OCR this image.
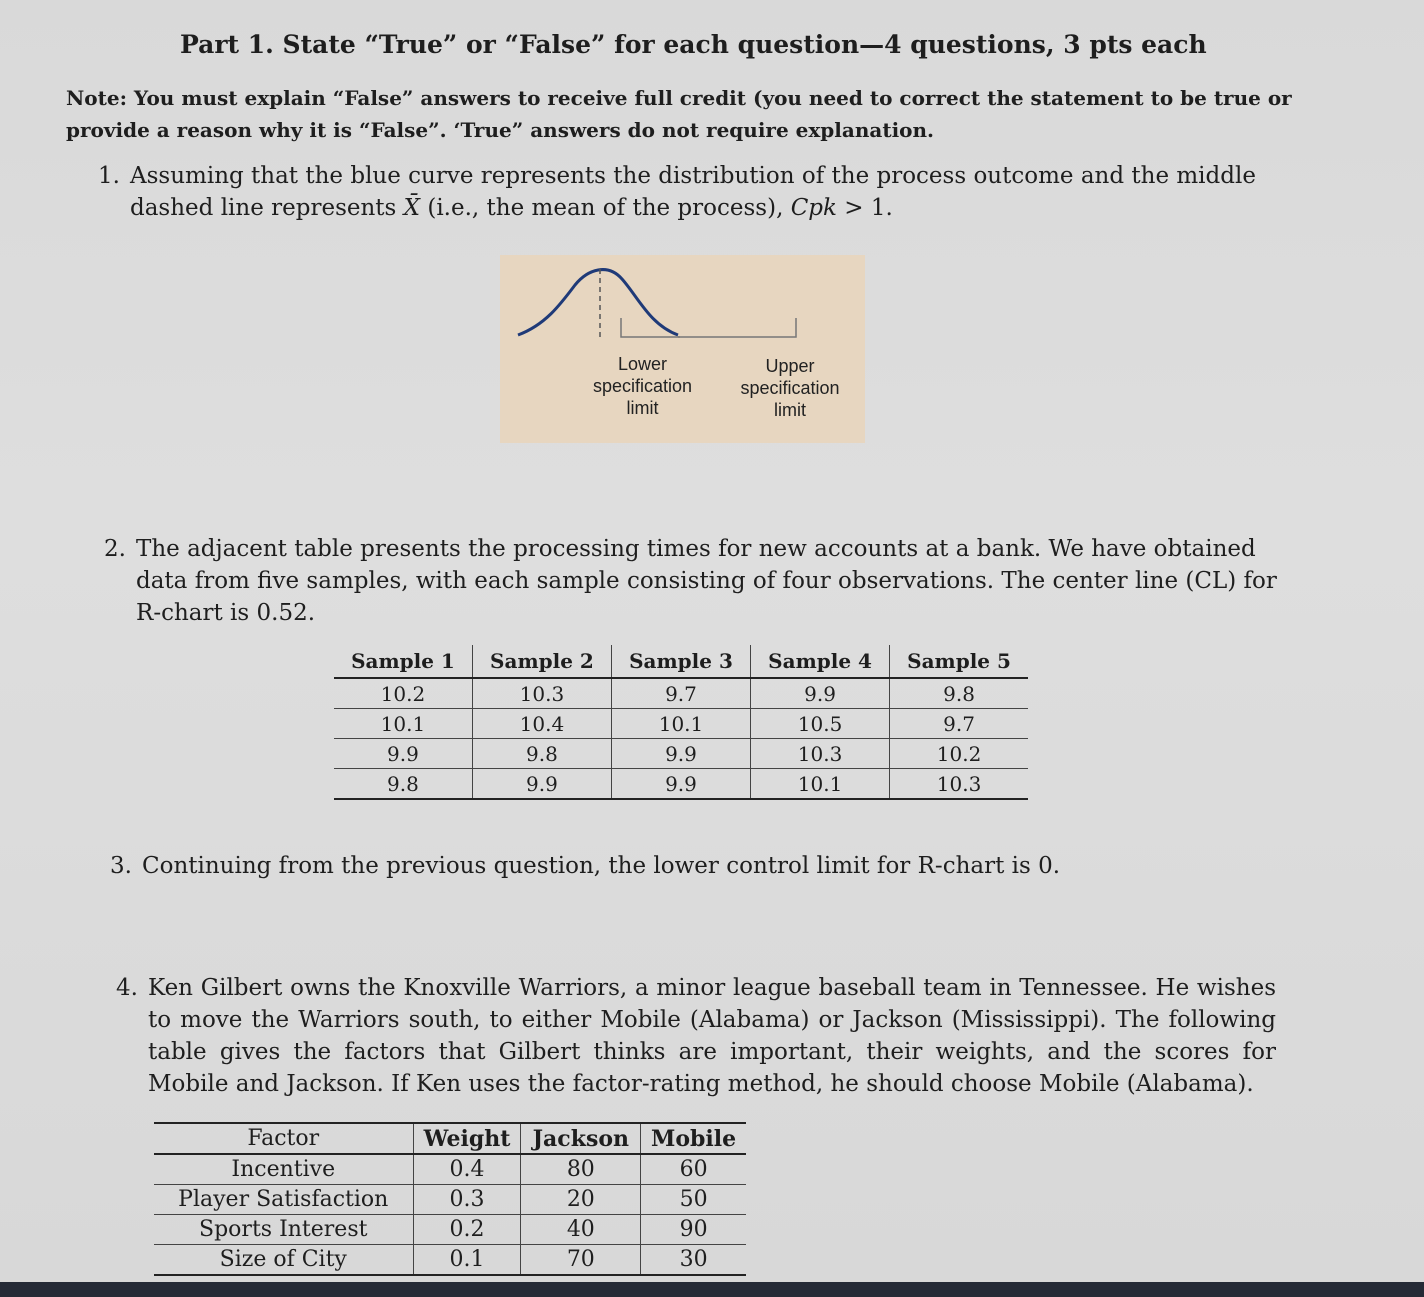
Part 1. State “True” or “False” for each question—4 questions, 3 pts each
Note: You must explain “False” answers to receive full credit (you need to correct the statement to be true or provide a reason why it is “False”. ‘True” answers do not require explanation.
1. Assuming that the blue curve represents the distribution of the process outcome and the middle dashed line represents X̄ (i.e., the mean of the process), Cpk > 1.
Lower specification limit
Upper specification limit
2. The adjacent table presents the processing times for new accounts at a bank. We have obtained data from five samples, with each sample consisting of four observations. The center line (CL) for R-chart is 0.52.
Sample 1	Sample 2	Sample 3	Sample 4	Sample 5
10.2	10.3	9.7	9.9	9.8
10.1	10.4	10.1	10.5	9.7
9.9	9.8	9.9	10.3	10.2
9.8	9.9	9.9	10.1	10.3
3. Continuing from the previous question, the lower control limit for R-chart is 0.
4. Ken Gilbert owns the Knoxville Warriors, a minor league baseball team in Tennessee. He wishes to move the Warriors south, to either Mobile (Alabama) or Jackson (Mississippi). The following table gives the factors that Gilbert thinks are important, their weights, and the scores for Mobile and Jackson. If Ken uses the factor-rating method, he should choose Mobile (Alabama).
Factor	Weight	Jackson	Mobile
Incentive	0.4	80	60
Player Satisfaction	0.3	20	50
Sports Interest	0.2	40	90
Size of City	0.1	70	30
